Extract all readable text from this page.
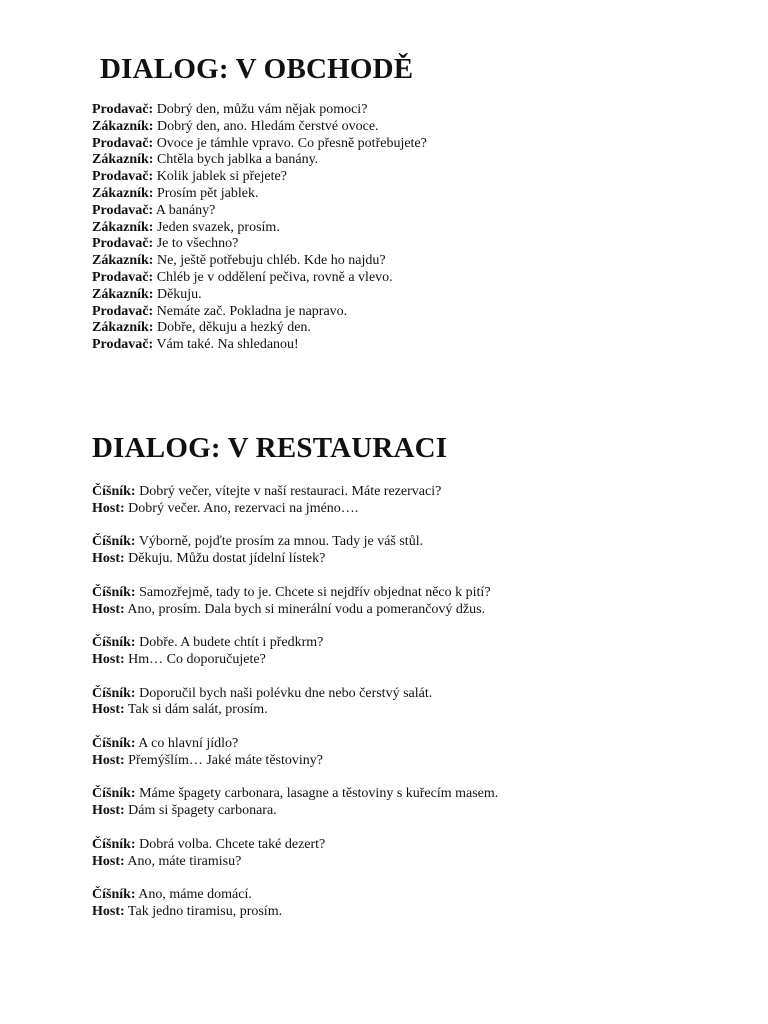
DIALOG: V OBCHODĚ
Prodavač: Dobrý den, můžu vám nějak pomoci?
Zákazník: Dobrý den, ano. Hledám čerstvé ovoce.
Prodavač: Ovoce je támhle vpravo. Co přesně potřebujete?
Zákazník: Chtěla bych jablka a banány.
Prodavač: Kolik jablek si přejete?
Zákazník: Prosím pět jablek.
Prodavač: A banány?
Zákazník: Jeden svazek, prosím.
Prodavač: Je to všechno?
Zákazník: Ne, ještě potřebuju chléb. Kde ho najdu?
Prodavač: Chléb je v oddělení pečiva, rovně a vlevo.
Zákazník: Děkuju.
Prodavač: Nemáte zač. Pokladna je napravo.
Zákazník: Dobře, děkuju a hezký den.
Prodavač: Vám také. Na shledanou!
DIALOG: V RESTAURACI
Číšník: Dobrý večer, vítejte v naší restauraci. Máte rezervaci?
Host: Dobrý večer. Ano, rezervaci na jméno….
Číšník: Výborně, pojďte prosím za mnou. Tady je váš stůl.
Host: Děkuju. Můžu dostat jídelní lístek?
Číšník: Samozřejmě, tady to je. Chcete si nejdřív objednat něco k pití?
Host: Ano, prosím. Dala bych si minerální vodu a pomerančový džus.
Číšník: Dobře. A budete chtít i předkrm?
Host: Hm… Co doporučujete?
Číšník: Doporučil bych naši polévku dne nebo čerstvý salát.
Host: Tak si dám salát, prosím.
Číšník: A co hlavní jídlo?
Host: Přemýšlím… Jaké máte těstoviny?
Číšník: Máme špagety carbonara, lasagne a těstoviny s kuřecím masem.
Host: Dám si špagety carbonara.
Číšník: Dobrá volba. Chcete také dezert?
Host: Ano, máte tiramisu?
Číšník: Ano, máme domácí.
Host: Tak jedno tiramisu, prosím.
